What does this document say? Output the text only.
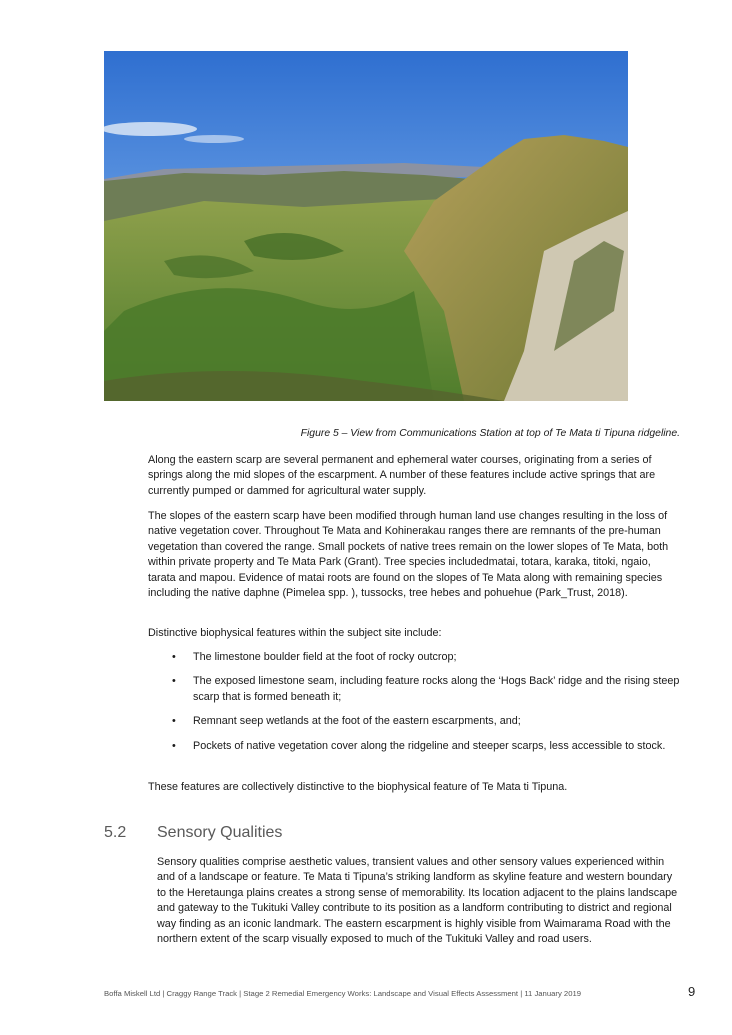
Figure 5 – View from Communications Station at top of Te Mata ti Tipuna ridgeline.

Along the eastern scarp are several permanent and ephemeral water courses, originating from a series of springs along the mid slopes of the escarpment. A number of these features include active springs that are currently pumped or dammed for agricultural water supply.

The slopes of the eastern scarp have been modified through human land use changes resulting in the loss of native vegetation cover. Throughout Te Mata and Kohinerakau ranges there are remnants of the pre-human vegetation than covered the range. Small pockets of native trees remain on the lower slopes of Te Mata, both within private property and Te Mata Park (Grant). Tree species includedmatai, totara, karaka, titoki, ngaio, tarata and mapou. Evidence of matai roots are found on the slopes of Te Mata along with remaining species including the native daphne (Pimelea spp. ), tussocks, tree hebes and pohuehue (Park_Trust, 2018).

Distinctive biophysical features within the subject site include:

• The limestone boulder field at the foot of rocky outcrop;
• The exposed limestone seam, including feature rocks along the ‘Hogs Back’ ridge and the rising steep scarp that is formed beneath it;
• Remnant seep wetlands at the foot of the eastern escarpments, and;
• Pockets of native vegetation cover along the ridgeline and steeper scarps, less accessible to stock.

These features are collectively distinctive to the biophysical feature of Te Mata ti Tipuna.

5.2 Sensory Qualities

Sensory qualities comprise aesthetic values, transient values and other sensory values experienced within and of a landscape or feature. Te Mata ti Tipuna’s striking landform as skyline feature and western boundary to the Heretaunga plains creates a strong sense of memorability. Its location adjacent to the plains landscape and gateway to the Tukituki Valley contribute to its position as a landform contributing to district and regional way finding as an iconic landmark. The eastern escarpment is highly visible from Waimarama Road with the northern extent of the scarp visually exposed to much of the Tukituki Valley and road users.

Boffa Miskell Ltd | Craggy Range Track | Stage 2 Remedial Emergency Works: Landscape and Visual Effects Assessment | 11 January 2019	9
